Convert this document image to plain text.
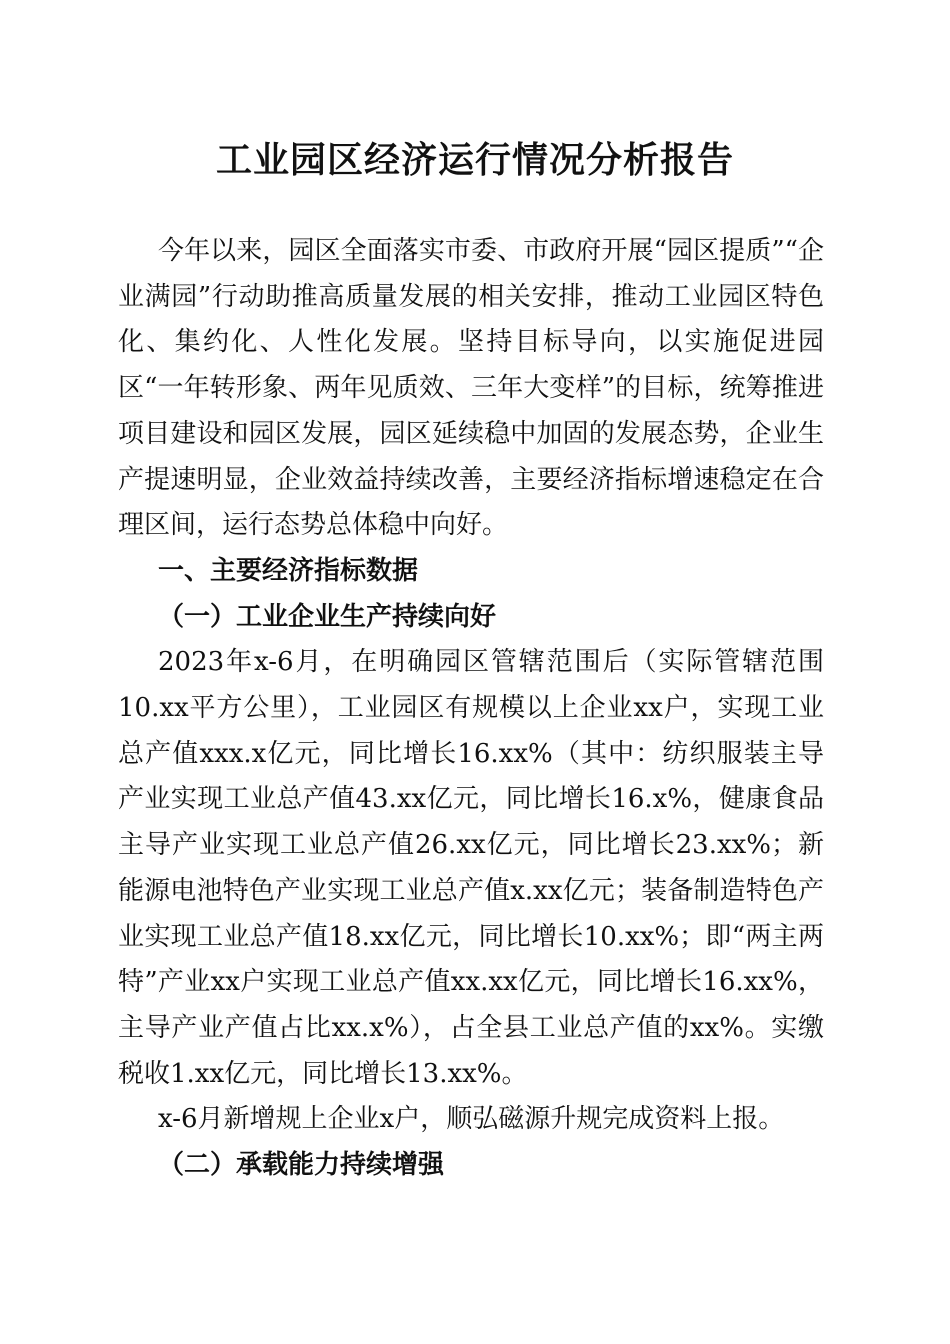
工业园区经济运行情况分析报告

今年以来，园区全面落实市委、市政府开展“园区提质”“企业满园”行动助推高质量发展的相关安排，推动工业园区特色化、集约化、人性化发展。坚持目标导向，以实施促进园区“一年转形象、两年见质效、三年大变样”的目标，统筹推进项目建设和园区发展，园区延续稳中加固的发展态势，企业生产提速明显，企业效益持续改善，主要经济指标增速稳定在合理区间，运行态势总体稳中向好。

一、主要经济指标数据

（一）工业企业生产持续向好

2023年x-6月，在明确园区管辖范围后（实际管辖范围10.xx平方公里），工业园区有规模以上企业xx户，实现工业总产值xxx.x亿元，同比增长16.xx%（其中：纺织服装主导产业实现工业总产值43.xx亿元，同比增长16.x%，健康食品主导产业实现工业总产值26.xx亿元，同比增长23.xx%；新能源电池特色产业实现工业总产值x.xx亿元；装备制造特色产业实现工业总产值18.xx亿元，同比增长10.xx%；即“两主两特”产业xx户实现工业总产值xx.xx亿元，同比增长16.xx%，主导产业产值占比xx.x%），占全县工业总产值的xx%。实缴税收1.xx亿元，同比增长13.xx%。

x-6月新增规上企业x户，顺弘磁源升规完成资料上报。

（二）承载能力持续增强
